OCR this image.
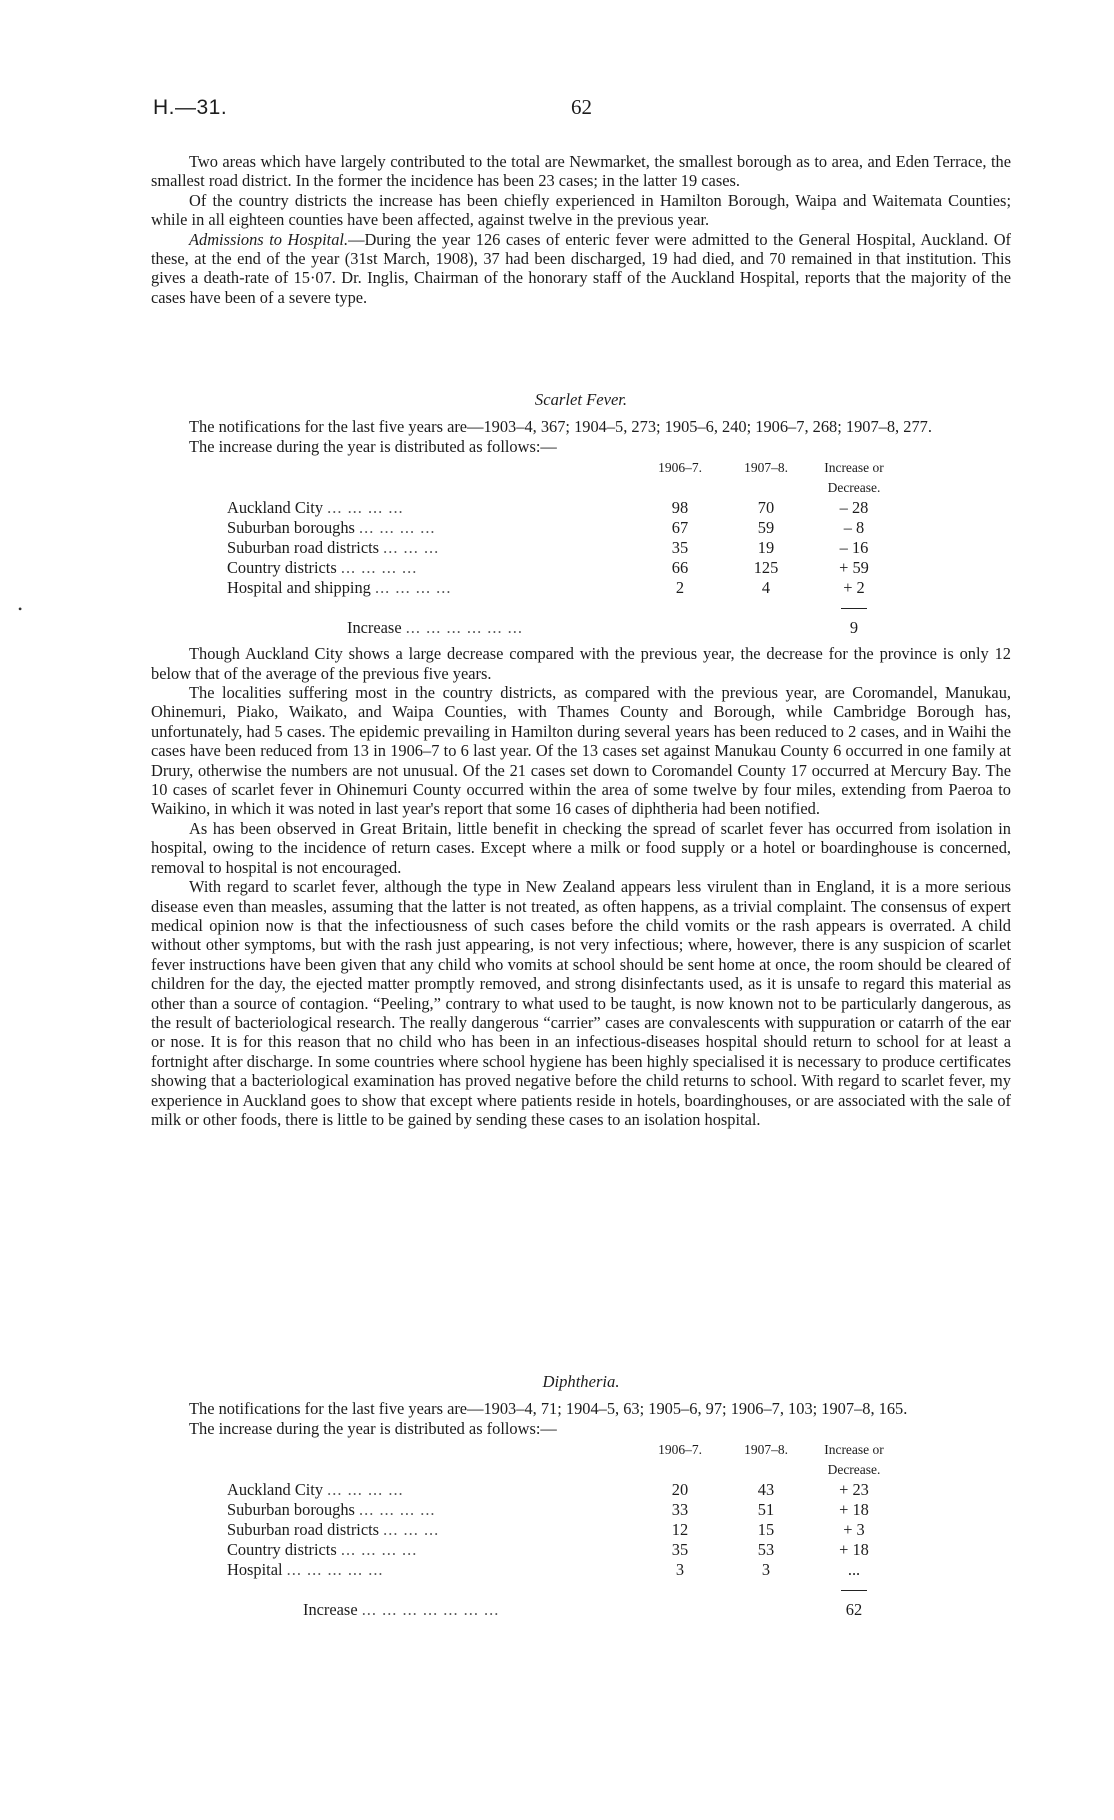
H.—31.	62
•

Two areas which have largely contributed to the total are Newmarket, the smallest borough as to area, and Eden Terrace, the smallest road district. In the former the incidence has been 23 cases; in the latter 19 cases.

Of the country districts the increase has been chiefly experienced in Hamilton Borough, Waipa and Waitemata Counties; while in all eighteen counties have been affected, against twelve in the previous year.

Admissions to Hospital.—During the year 126 cases of enteric fever were admitted to the General Hospital, Auckland. Of these, at the end of the year (31st March, 1908), 37 had been discharged, 19 had died, and 70 remained in that institution. This gives a death-rate of 15·07. Dr. Inglis, Chairman of the honorary staff of the Auckland Hospital, reports that the majority of the cases have been of a severe type.

Scarlet Fever.

The notifications for the last five years are—1903–4, 367; 1904–5, 273; 1905–6, 240; 1906–7, 268; 1907–8, 277.

The increase during the year is distributed as follows:—

	1906–7.	1907–8.	Increase or Decrease.
Auckland City ... ... ... ...	98	70	– 28
Suburban boroughs ... ... ... ...	67	59	– 8
Suburban road districts ... ... ...	35	19	– 16
Country districts ... ... ... ...	66	125	+ 59
Hospital and shipping ... ... ... ...	2	4	+ 2

Increase ... ... ... ... ... ...			9

Though Auckland City shows a large decrease compared with the previous year, the decrease for the province is only 12 below that of the average of the previous five years.

The localities suffering most in the country districts, as compared with the previous year, are Coromandel, Manukau, Ohinemuri, Piako, Waikato, and Waipa Counties, with Thames County and Borough, while Cambridge Borough has, unfortunately, had 5 cases. The epidemic prevailing in Hamilton during several years has been reduced to 2 cases, and in Waihi the cases have been reduced from 13 in 1906–7 to 6 last year. Of the 13 cases set against Manukau County 6 occurred in one family at Drury, otherwise the numbers are not unusual. Of the 21 cases set down to Coromandel County 17 occurred at Mercury Bay. The 10 cases of scarlet fever in Ohinemuri County occurred within the area of some twelve by four miles, extending from Paeroa to Waikino, in which it was noted in last year's report that some 16 cases of diphtheria had been notified.

As has been observed in Great Britain, little benefit in checking the spread of scarlet fever has occurred from isolation in hospital, owing to the incidence of return cases. Except where a milk or food supply or a hotel or boardinghouse is concerned, removal to hospital is not encouraged.

With regard to scarlet fever, although the type in New Zealand appears less virulent than in England, it is a more serious disease even than measles, assuming that the latter is not treated, as often happens, as a trivial complaint. The consensus of expert medical opinion now is that the infectiousness of such cases before the child vomits or the rash appears is overrated. A child without other symptoms, but with the rash just appearing, is not very infectious; where, however, there is any suspicion of scarlet fever instructions have been given that any child who vomits at school should be sent home at once, the room should be cleared of children for the day, the ejected matter promptly removed, and strong disinfectants used, as it is unsafe to regard this material as other than a source of contagion. “Peeling,” contrary to what used to be taught, is now known not to be particularly dangerous, as the result of bacteriological research. The really dangerous “carrier” cases are convalescents with suppuration or catarrh of the ear or nose. It is for this reason that no child who has been in an infectious-diseases hospital should return to school for at least a fortnight after discharge. In some countries where school hygiene has been highly specialised it is necessary to produce certificates showing that a bacteriological examination has proved negative before the child returns to school. With regard to scarlet fever, my experience in Auckland goes to show that except where patients reside in hotels, boardinghouses, or are associated with the sale of milk or other foods, there is little to be gained by sending these cases to an isolation hospital.

Diphtheria.

The notifications for the last five years are—1903–4, 71; 1904–5, 63; 1905–6, 97; 1906–7, 103; 1907–8, 165.

The increase during the year is distributed as follows:—

	1906–7.	1907–8.	Increase or Decrease.
Auckland City ... ... ... ...	20	43	+ 23
Suburban boroughs ... ... ... ...	33	51	+ 18
Suburban road districts ... ... ...	12	15	+ 3
Country districts ... ... ... ...	35	53	+ 18
Hospital ... ... ... ... ...	3	3	...

Increase ... ... ... ... ... ... ...			62
